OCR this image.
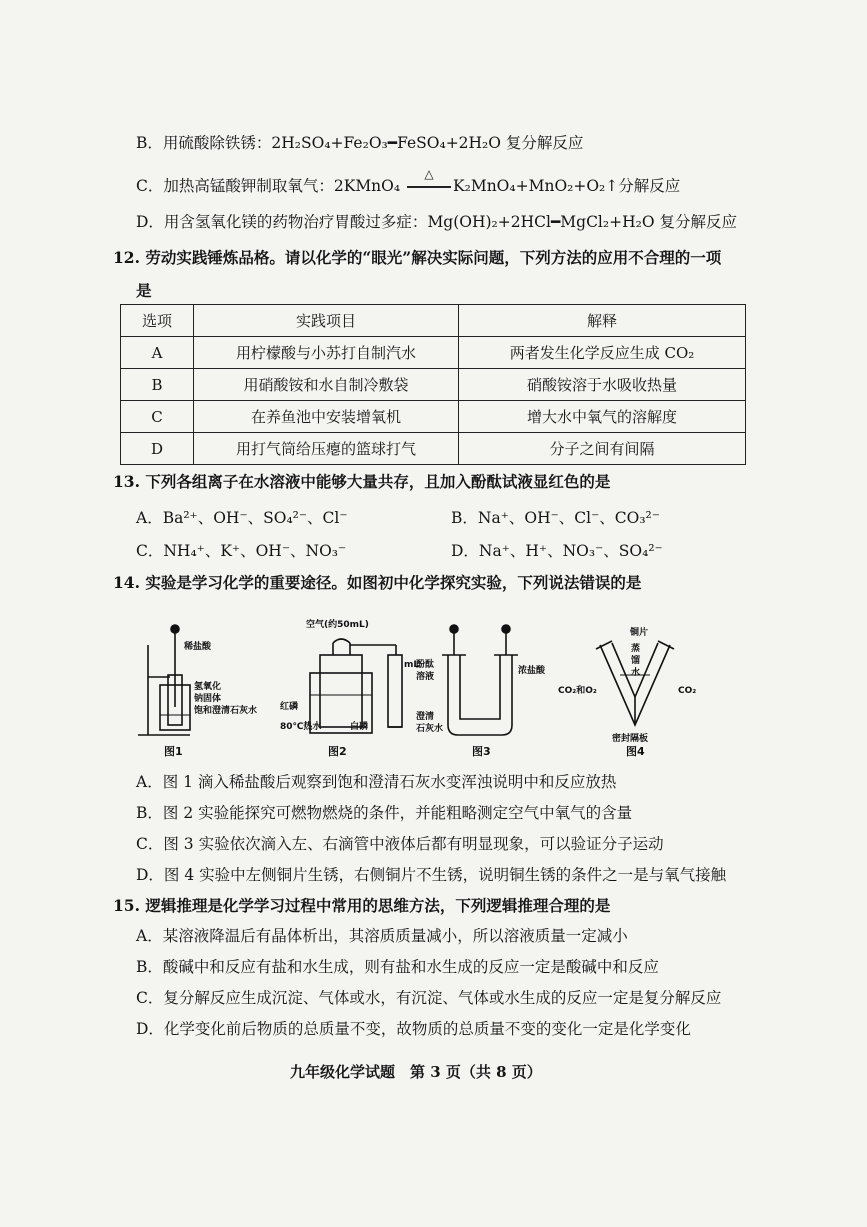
B．用硫酸除铁锈：2H₂SO₄+Fe₂O₃━FeSO₄+2H₂O 复分解反应
C．加热高锰酸钾制取氧气：2KMnO₄
△
K₂MnO₄+MnO₂+O₂↑分解反应
D．用含氢氧化镁的药物治疗胃酸过多症：Mg(OH)₂+2HCl━MgCl₂+H₂O 复分解反应
12. 劳动实践锤炼品格。请以化学的“眼光”解决实际问题，下列方法的应用不合理的一项
是
选项	实践项目	解释
A	用柠檬酸与小苏打自制汽水	两者发生化学反应生成 CO₂
B	用硝酸铵和水自制冷敷袋	硝酸铵溶于水吸收热量
C	在养鱼池中安装增氧机	增大水中氧气的溶解度
D	用打气筒给压瘪的篮球打气	分子之间有间隔
13. 下列各组离子在水溶液中能够大量共存，且加入酚酞试液显红色的是
A．Ba²⁺、OH⁻、SO₄²⁻、Cl⁻	B．Na⁺、OH⁻、Cl⁻、CO₃²⁻
C．NH₄⁺、K⁺、OH⁻、NO₃⁻	D．Na⁺、H⁺、NO₃⁻、SO₄²⁻
14. 实验是学习化学的重要途径。如图初中化学探究实验，下列说法错误的是
稀盐酸
氢氧化
钠固体
饱和澄清石灰水
图1
空气(约50mL)
mL
红磷
80℃热水	白磷
图2
酚酞
溶液
浓盐酸
澄清
石灰水
图3
铜片
蒸
馏
水
CO₂和O₂	CO₂
密封隔板
图4
A．图 1 滴入稀盐酸后观察到饱和澄清石灰水变浑浊说明中和反应放热
B．图 2 实验能探究可燃物燃烧的条件，并能粗略测定空气中氧气的含量
C．图 3 实验依次滴入左、右滴管中液体后都有明显现象，可以验证分子运动
D．图 4 实验中左侧铜片生锈，右侧铜片不生锈，说明铜生锈的条件之一是与氧气接触
15. 逻辑推理是化学学习过程中常用的思维方法，下列逻辑推理合理的是
A．某溶液降温后有晶体析出，其溶质质量减小，所以溶液质量一定减小
B．酸碱中和反应有盐和水生成，则有盐和水生成的反应一定是酸碱中和反应
C．复分解反应生成沉淀、气体或水，有沉淀、气体或水生成的反应一定是复分解反应
D．化学变化前后物质的总质量不变，故物质的总质量不变的变化一定是化学变化
九年级化学试题　第 3 页（共 8 页）
